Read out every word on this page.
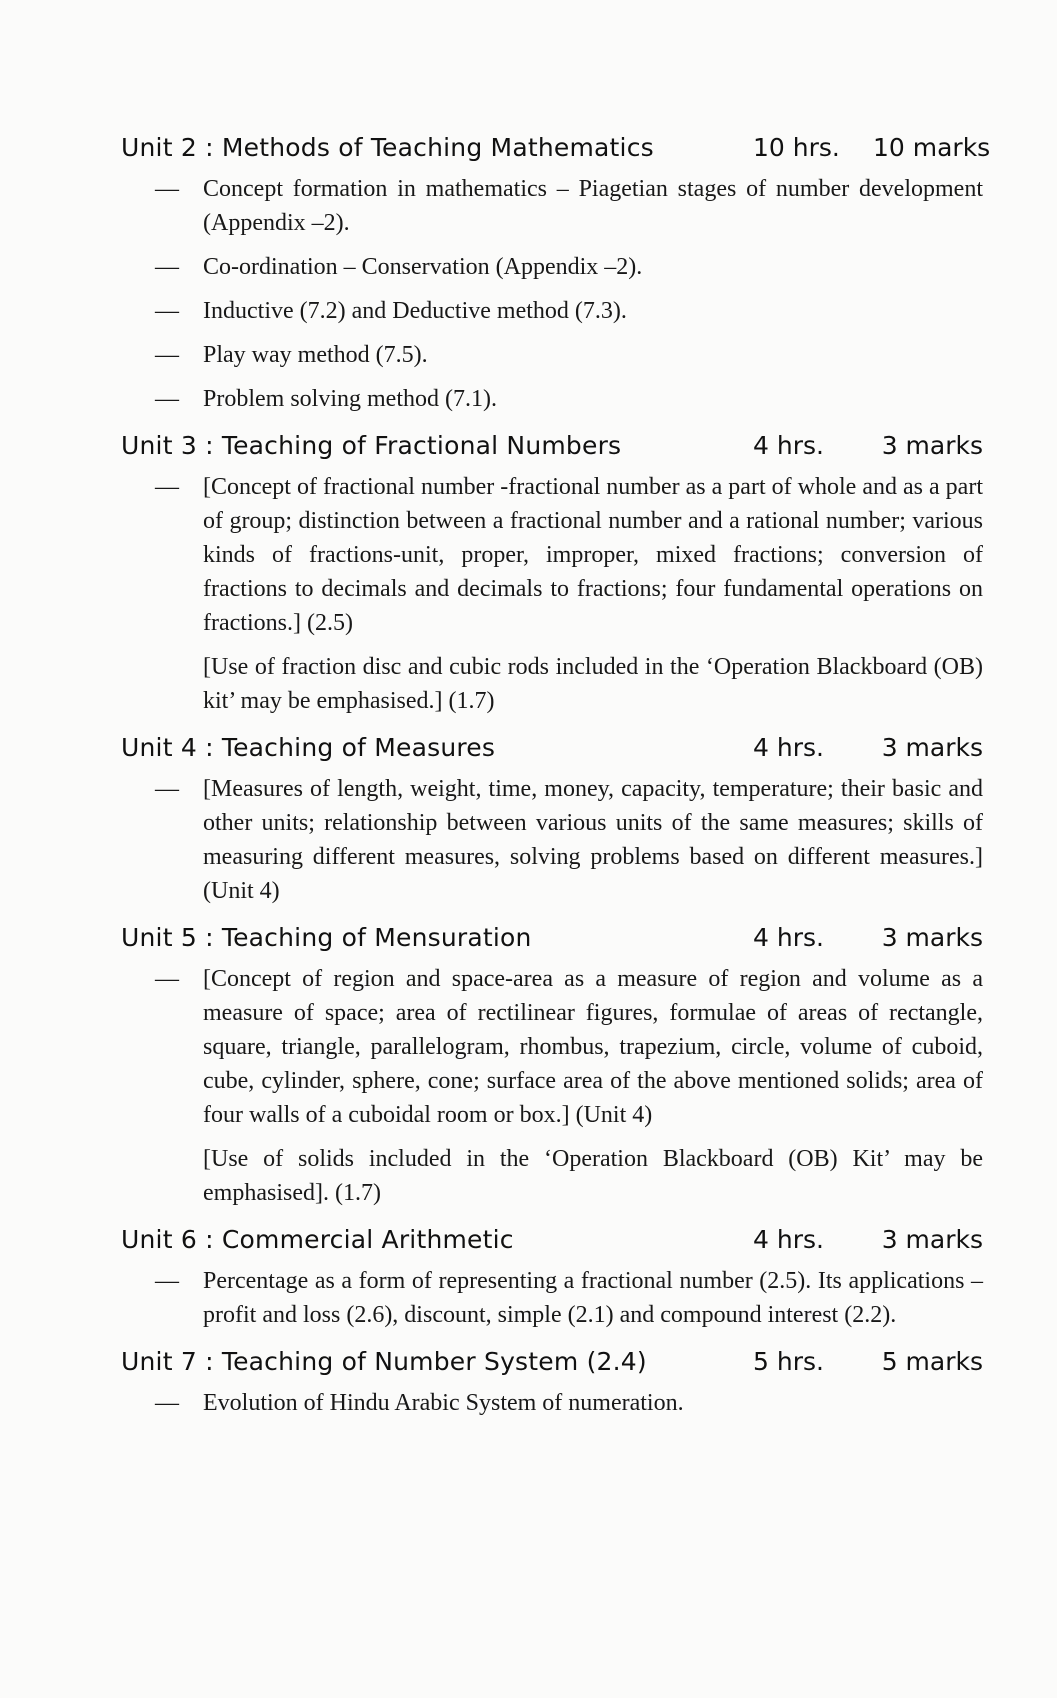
Unit 2 : Methods of Teaching Mathematics	10 hrs.	10 marks
— Concept formation in mathematics – Piagetian stages of number development (Appendix –2).
— Co-ordination – Conservation (Appendix –2).
— Inductive (7.2) and Deductive method (7.3).
— Play way method (7.5).
— Problem solving method (7.1).
Unit 3 : Teaching of Fractional Numbers	4 hrs.	3 marks
— [Concept of fractional number -fractional number as a part of whole and as a part of group; distinction between a fractional number and a rational number; various kinds of fractions-unit, proper, improper, mixed fractions; conversion of fractions to decimals and decimals to fractions; four fundamental operations on fractions.] (2.5)
[Use of fraction disc and cubic rods included in the ‘Operation Blackboard (OB) kit’ may be emphasised.] (1.7)
Unit 4 : Teaching of Measures	4 hrs.	3 marks
— [Measures of length, weight, time, money, capacity, temperature; their basic and other units; relationship between various units of the same measures; skills of measuring different measures, solving problems based on different measures.] (Unit 4)
Unit 5 : Teaching of Mensuration	4 hrs.	3 marks
— [Concept of region and space-area as a measure of region and volume as a measure of space; area of rectilinear figures, formulae of areas of rectangle, square, triangle, parallelogram, rhombus, trapezium, circle, volume of cuboid, cube, cylinder, sphere, cone; surface area of the above mentioned solids; area of four walls of a cuboidal room or box.] (Unit 4)
[Use of solids included in the ‘Operation Blackboard (OB) Kit’ may be emphasised]. (1.7)
Unit 6 : Commercial Arithmetic	4 hrs.	3 marks
— Percentage as a form of representing a fractional number (2.5). Its applications – profit and loss (2.6), discount, simple (2.1) and compound interest (2.2).
Unit 7 : Teaching of Number System (2.4)	5 hrs.	5 marks
— Evolution of Hindu Arabic System of numeration.
